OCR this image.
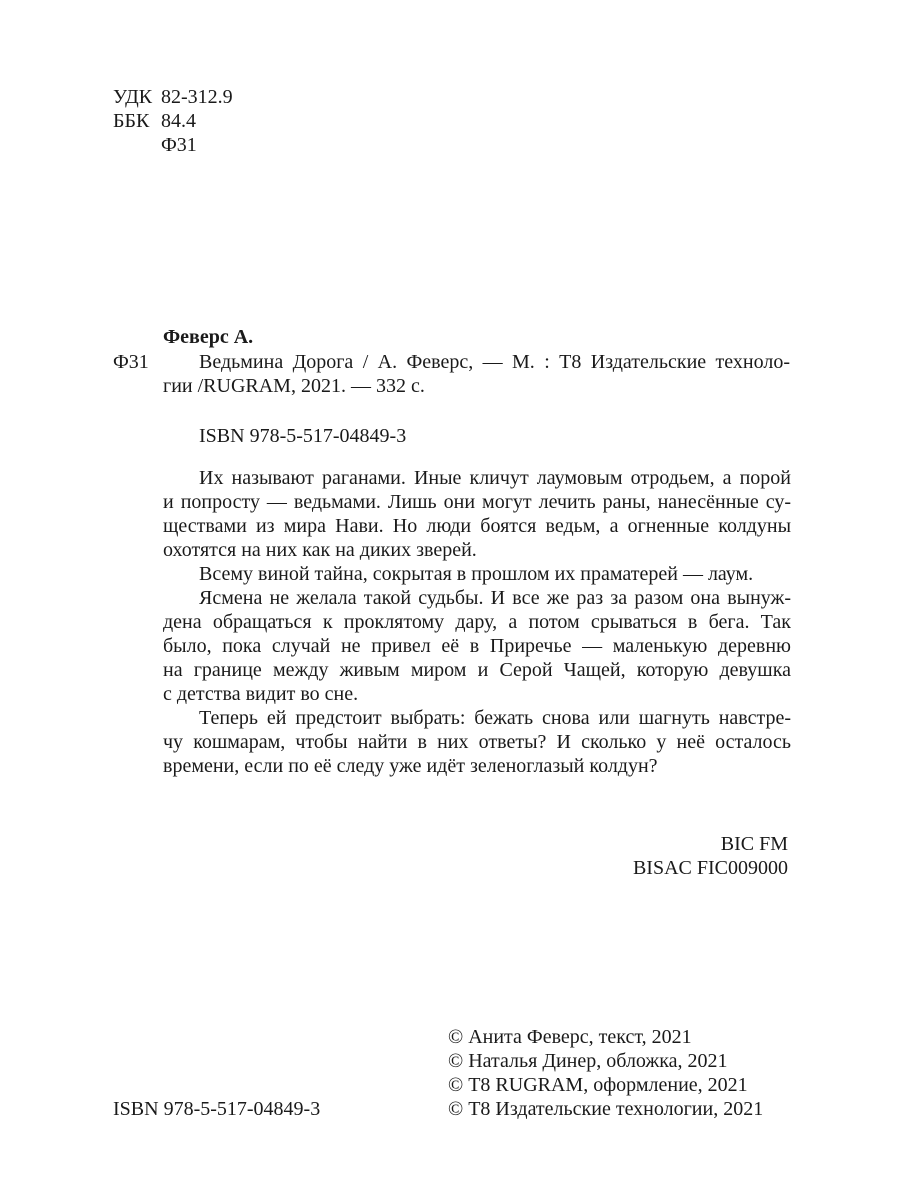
УДК 82-312.9
ББК 84.4
Ф31
Феверс А.
Ф31	Ведьмина Дорога / А. Феверс, — М. : Т8 Издательские техноло-
гии /RUGRAM, 2021. — 332 с.
ISBN 978-5-517-04849-3

Их называют раганами. Иные кличут лаумовым отродьем, а порой

и попросту — ведьмами. Лишь они могут лечить раны, нанесённые су-

ществами из мира Нави. Но люди боятся ведьм, а огненные колдуны

охотятся на них как на диких зверей.

Всему виной тайна, сокрытая в прошлом их праматерей — лаум.

Ясмена не желала такой судьбы. И все же раз за разом она вынуж-

дена обращаться к проклятому дару, а потом срываться в бега. Так

было, пока случай не привел её в Приречье — маленькую деревню

на границе между живым миром и Серой Чащей, которую девушка

с детства видит во сне.

Теперь ей предстоит выбрать: бежать снова или шагнуть навстре-

чу кошмарам, чтобы найти в них ответы? И сколько у неё осталось

времени, если по её следу уже идёт зеленоглазый колдун?

BIC FM
BISAC FIC009000
© Анита Феверс, текст, 2021
© Наталья Динер, обложка, 2021
© Т8 RUGRAM, оформление, 2021
ISBN 978-5-517-04849-3	© Т8 Издательские технологии, 2021
